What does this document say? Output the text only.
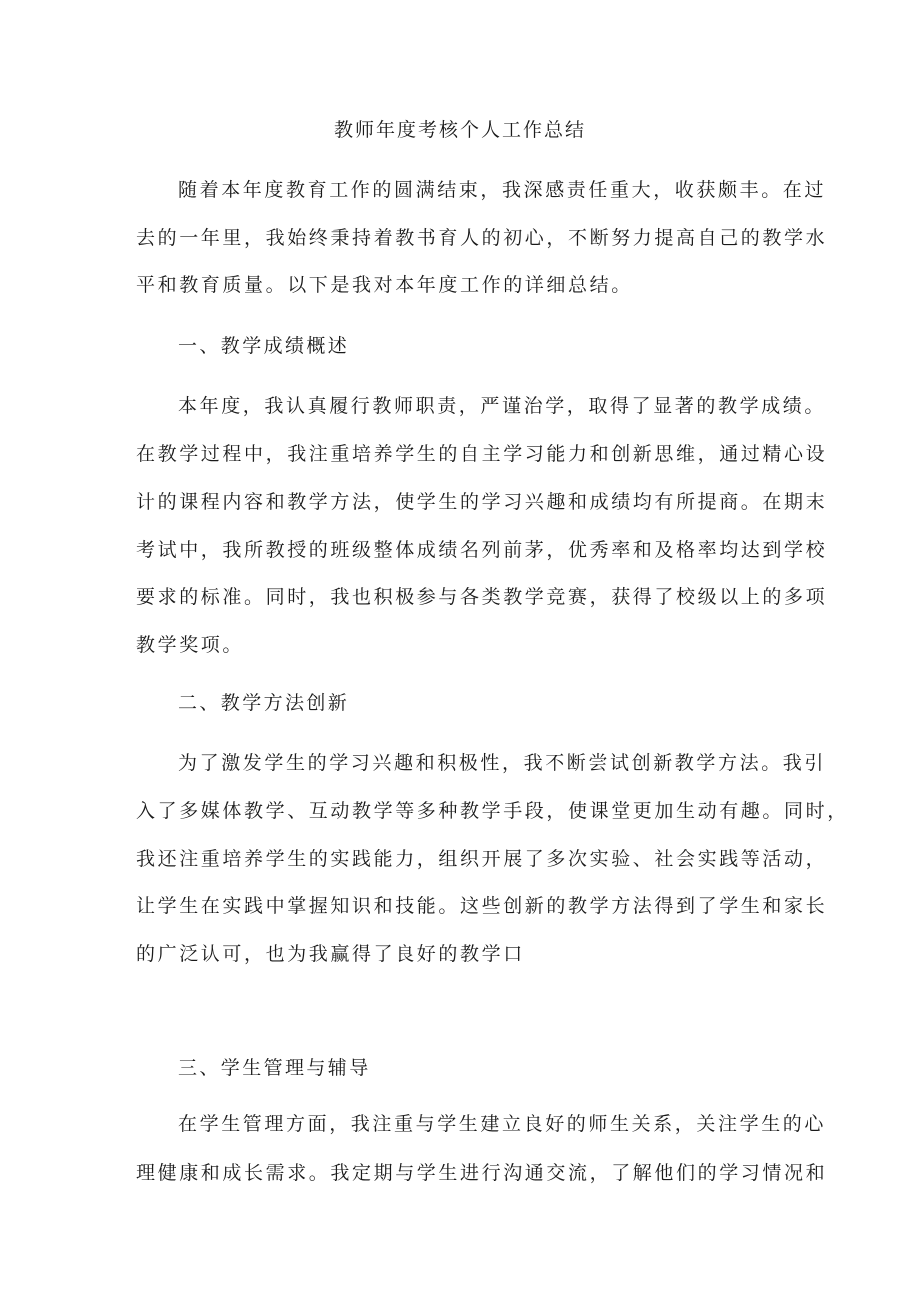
教师年度考核个人工作总结
随着本年度教育工作的圆满结束，我深感责任重大，收获颇丰。在过
去的一年里，我始终秉持着教书育人的初心，不断努力提高自己的教学水
平和教育质量。以下是我对本年度工作的详细总结。
一、教学成绩概述
本年度，我认真履行教师职责，严谨治学，取得了显著的教学成绩。
在教学过程中，我注重培养学生的自主学习能力和创新思维，通过精心设
计的课程内容和教学方法，使学生的学习兴趣和成绩均有所提商。在期末
考试中，我所教授的班级整体成绩名列前茅，优秀率和及格率均达到学校
要求的标准。同时，我也积极参与各类教学竞赛，获得了校级以上的多项
教学奖项。
二、教学方法创新
为了激发学生的学习兴趣和积极性，我不断尝试创新教学方法。我引
入了多媒体教学、互动教学等多种教学手段，使课堂更加生动有趣。同时，
我还注重培养学生的实践能力，组织开展了多次实验、社会实践等活动，
让学生在实践中掌握知识和技能。这些创新的教学方法得到了学生和家长
的广泛认可，也为我赢得了良好的教学口
三、学生管理与辅导
在学生管理方面，我注重与学生建立良好的师生关系，关注学生的心
理健康和成长需求。我定期与学生进行沟通交流，了解他们的学习情况和
